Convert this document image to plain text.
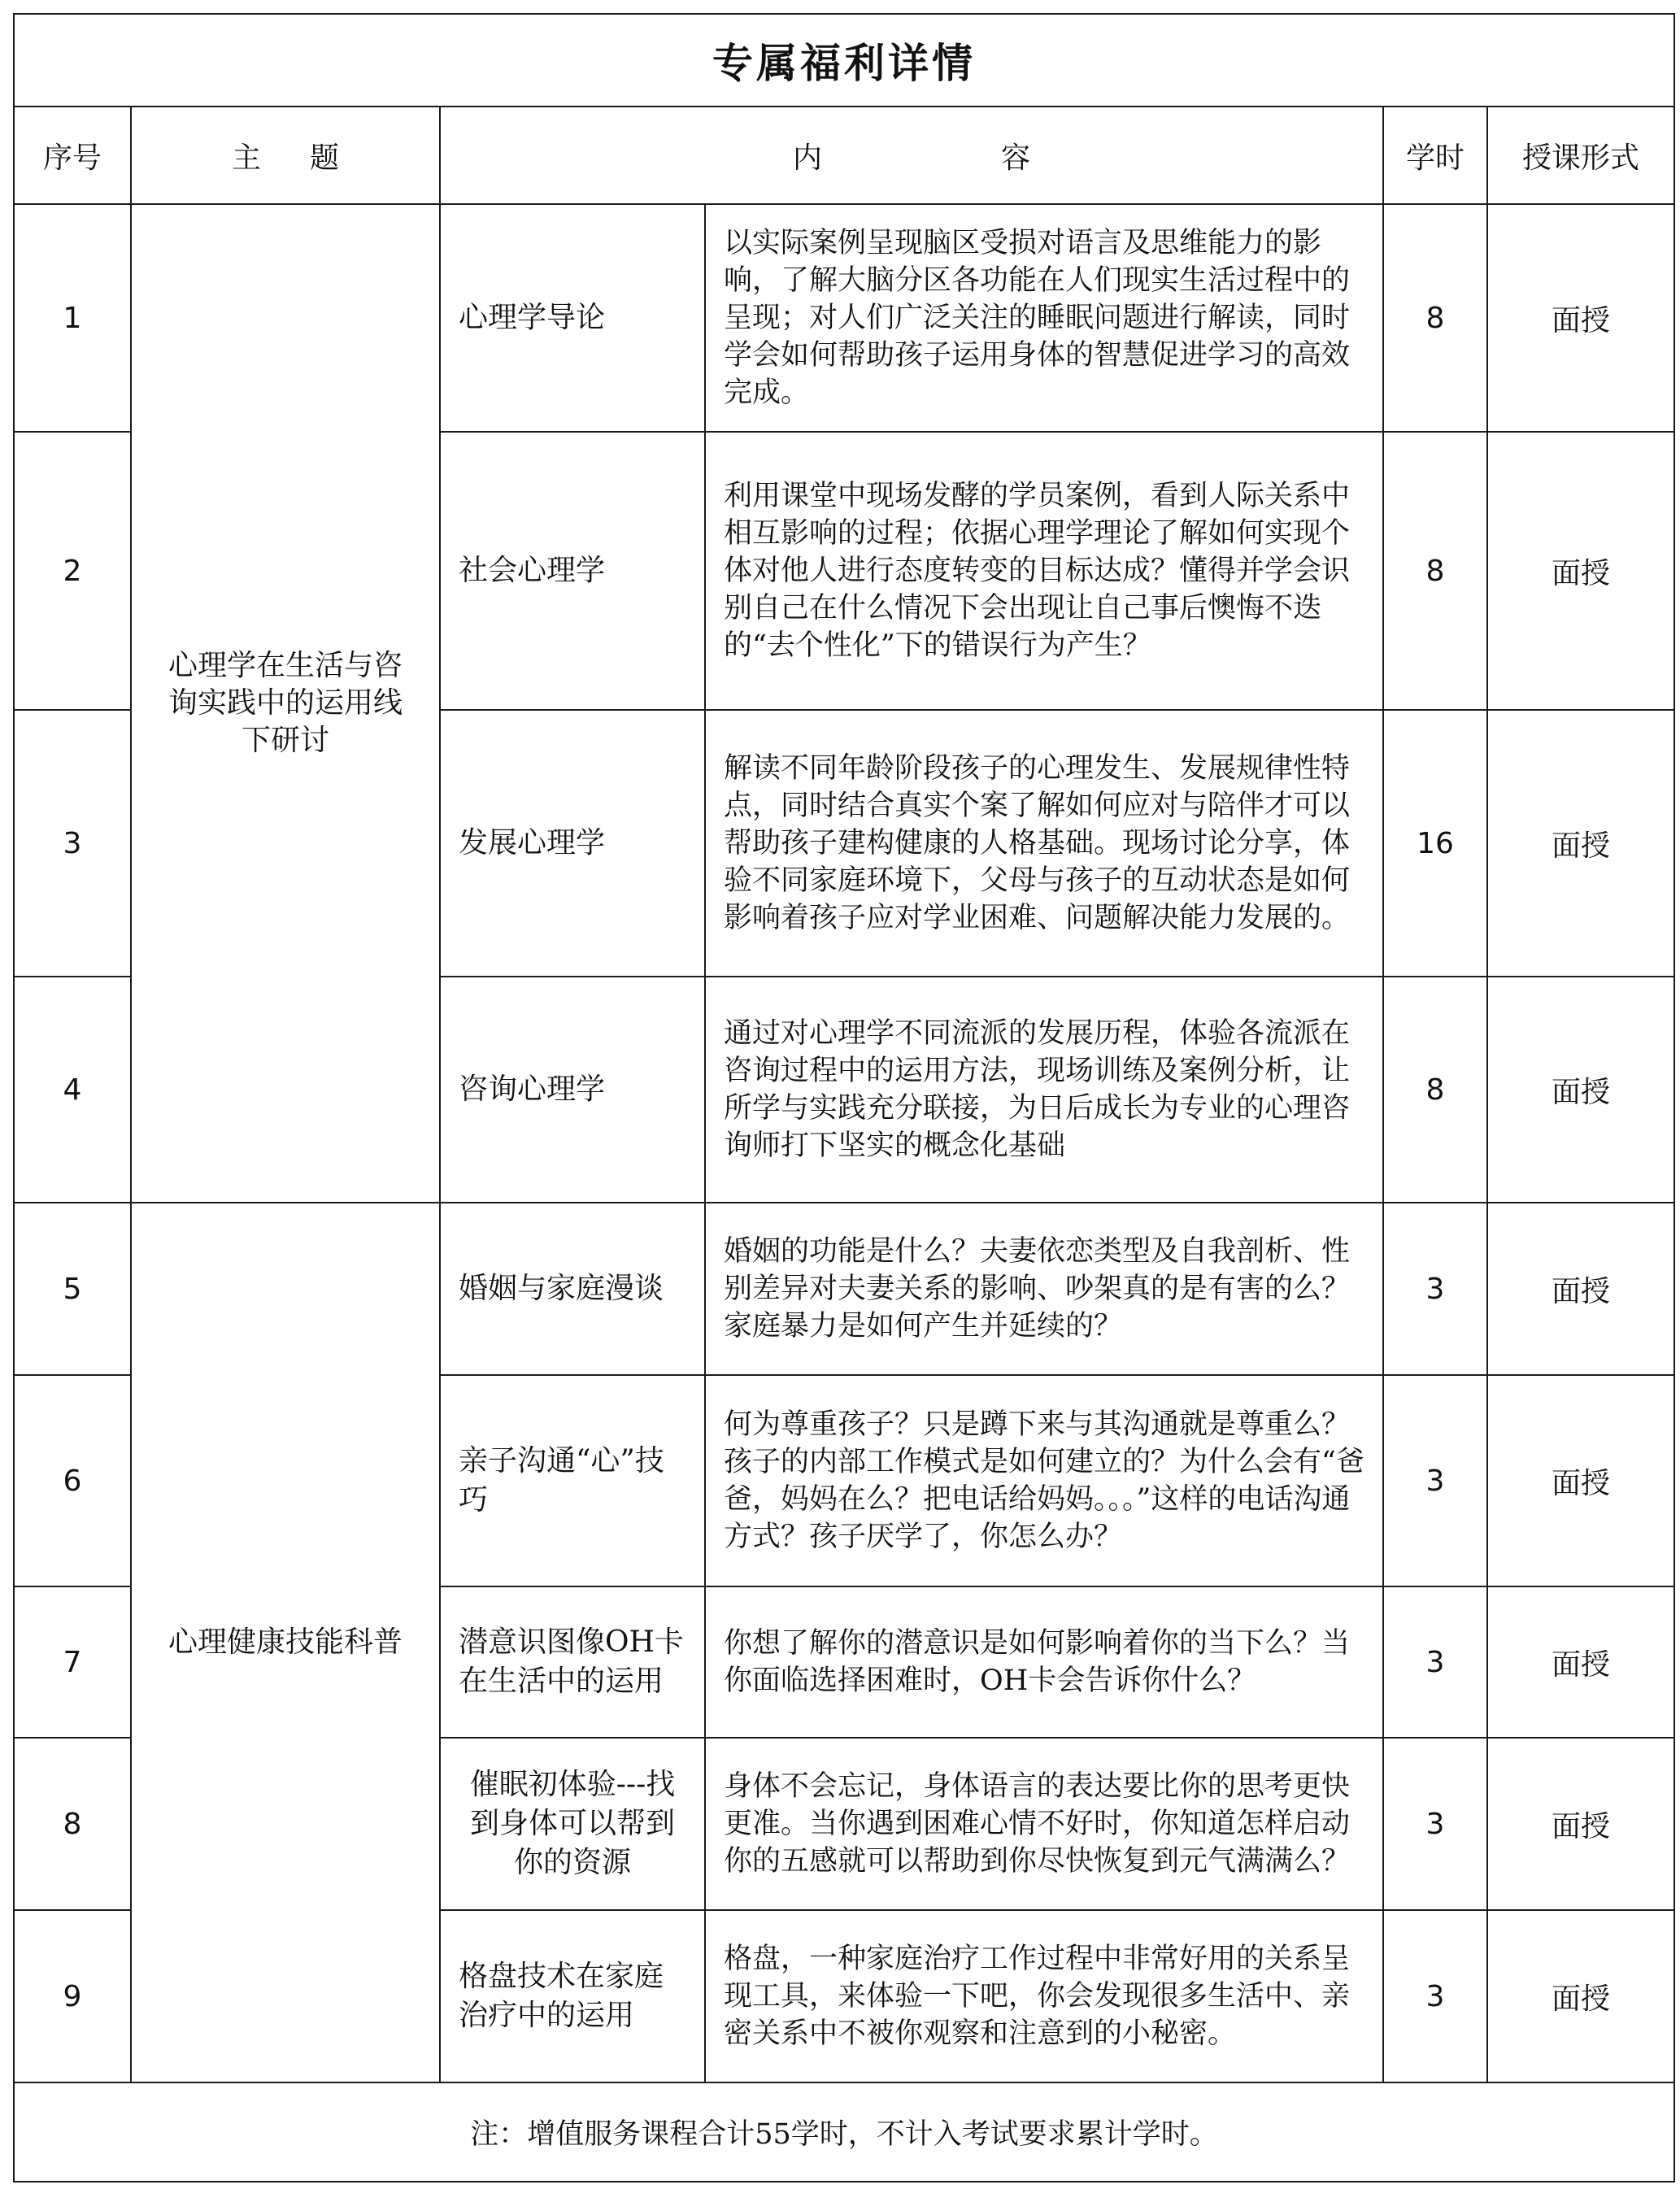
专属福利详情					
序号	主题	内容		学时	授课形式
1	心理学在生活与咨询实践中的运用线下研讨	心理学导论	以实际案例呈现脑区受损对语言及思维能力的影响，了解大脑分区各功能在人们现实生活过程中的呈现；对人们广泛关注的睡眠问题进行解读，同时学会如何帮助孩子运用身体的智慧促进学习的高效完成。	8	面授
2		社会心理学	利用课堂中现场发酵的学员案例，看到人际关系中相互影响的过程；依据心理学理论了解如何实现个体对他人进行态度转变的目标达成？懂得并学会识别自己在什么情况下会出现让自己事后懊悔不迭的“去个性化”下的错误行为产生？	8	面授
3		发展心理学	解读不同年龄阶段孩子的心理发生、发展规律性特点，同时结合真实个案了解如何应对与陪伴才可以帮助孩子建构健康的人格基础。现场讨论分享，体验不同家庭环境下，父母与孩子的互动状态是如何影响着孩子应对学业困难、问题解决能力发展的。	16	面授
4		咨询心理学	通过对心理学不同流派的发展历程，体验各流派在咨询过程中的运用方法，现场训练及案例分析，让所学与实践充分联接，为日后成长为专业的心理咨询师打下坚实的概念化基础	8	面授
5	心理健康技能科普	婚姻与家庭漫谈	婚姻的功能是什么？夫妻依恋类型及自我剖析、性别差异对夫妻关系的影响、吵架真的是有害的么？家庭暴力是如何产生并延续的？	3	面授
6		亲子沟通“心”技巧	何为尊重孩子？只是蹲下来与其沟通就是尊重么？孩子的内部工作模式是如何建立的？为什么会有“爸爸，妈妈在么？把电话给妈妈。。。”这样的电话沟通方式？孩子厌学了，你怎么办？	3	面授
7		潜意识图像OH卡在生活中的运用	你想了解你的潜意识是如何影响着你的当下么？当你面临选择困难时，OH卡会告诉你什么？	3	面授
8		催眠初体验---找到身体可以帮到你的资源	身体不会忘记，身体语言的表达要比你的思考更快更准。当你遇到困难心情不好时，你知道怎样启动你的五感就可以帮助到你尽快恢复到元气满满么？	3	面授
9		格盘技术在家庭治疗中的运用	格盘，一种家庭治疗工作过程中非常好用的关系呈现工具，来体验一下吧，你会发现很多生活中、亲密关系中不被你观察和注意到的小秘密。	3	面授
注：增值服务课程合计55学时，不计入考试要求累计学时。					
